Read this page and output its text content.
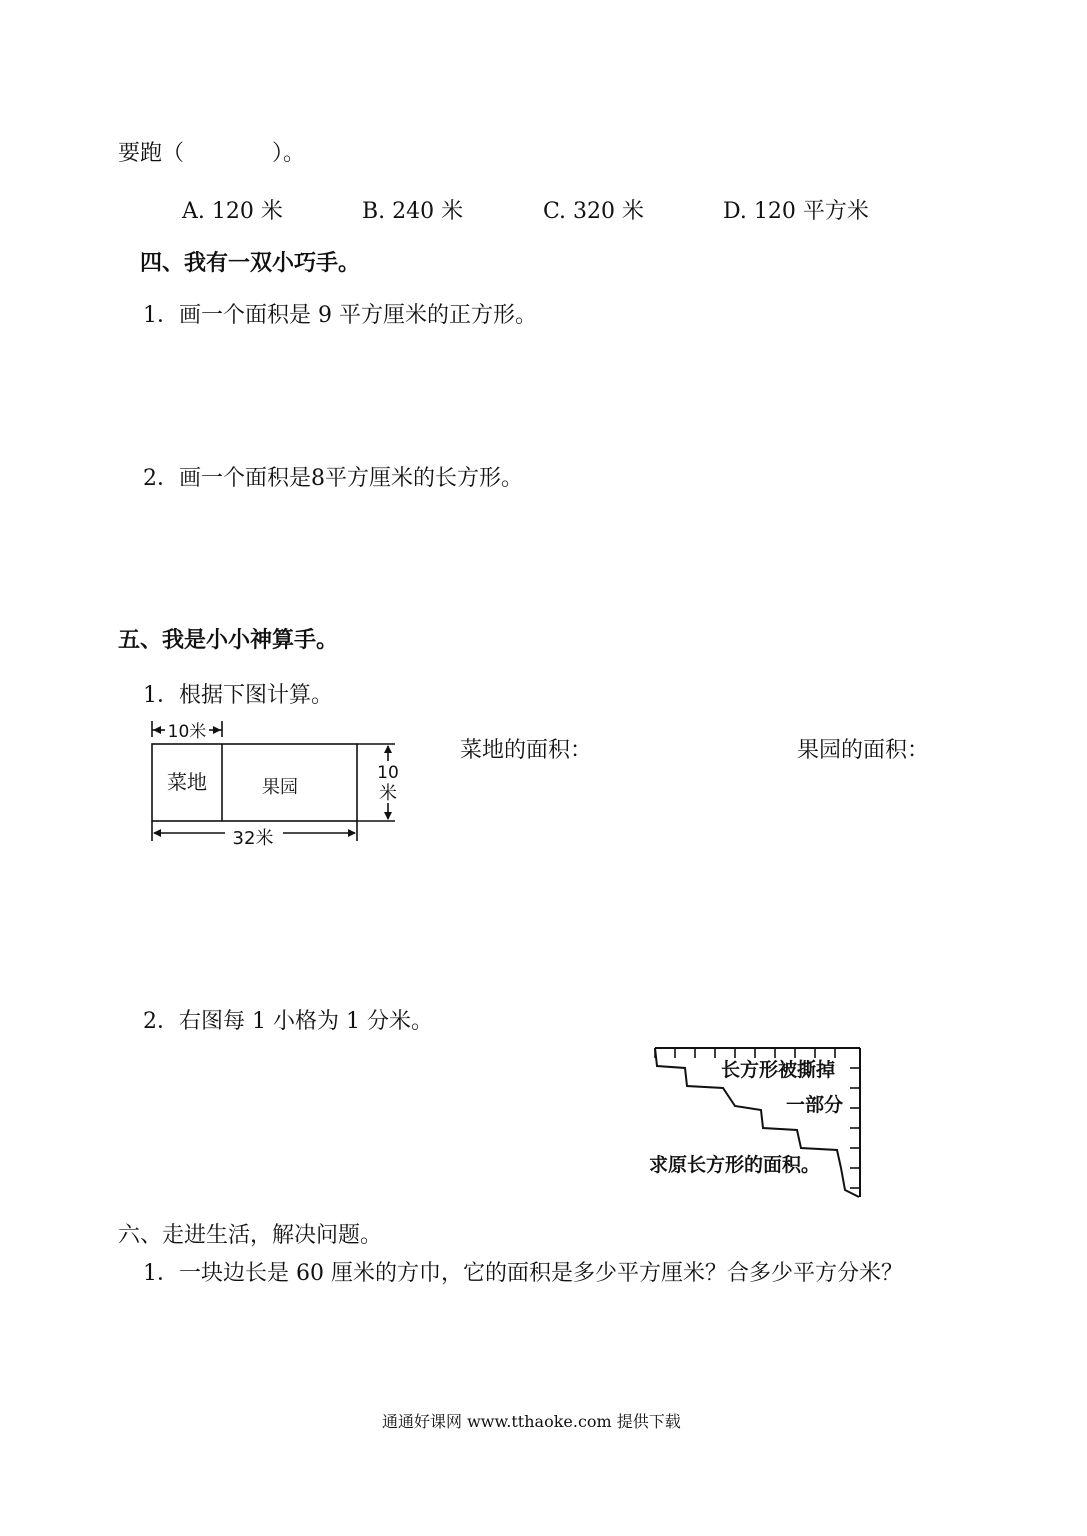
要跑（　　　　）。
A. 120 米	B. 240 米	C. 320 米	D. 120 平方米
四、我有一双小巧手。
1．画一个面积是 9 平方厘米的正方形。
2．画一个面积是8平方厘米的长方形。
五、我是小小神算手。
1．根据下图计算。
10米
菜地	果园
10
米
32米
菜地的面积：	果园的面积：
2．右图每 1 小格为 1 分米。
长方形被撕掉
一部分
求原长方形的面积。
六、走进生活，解决问题。
1．一块边长是 60 厘米的方巾，它的面积是多少平方厘米？合多少平方分米？
通通好课网 www.tthaoke.com 提供下载
